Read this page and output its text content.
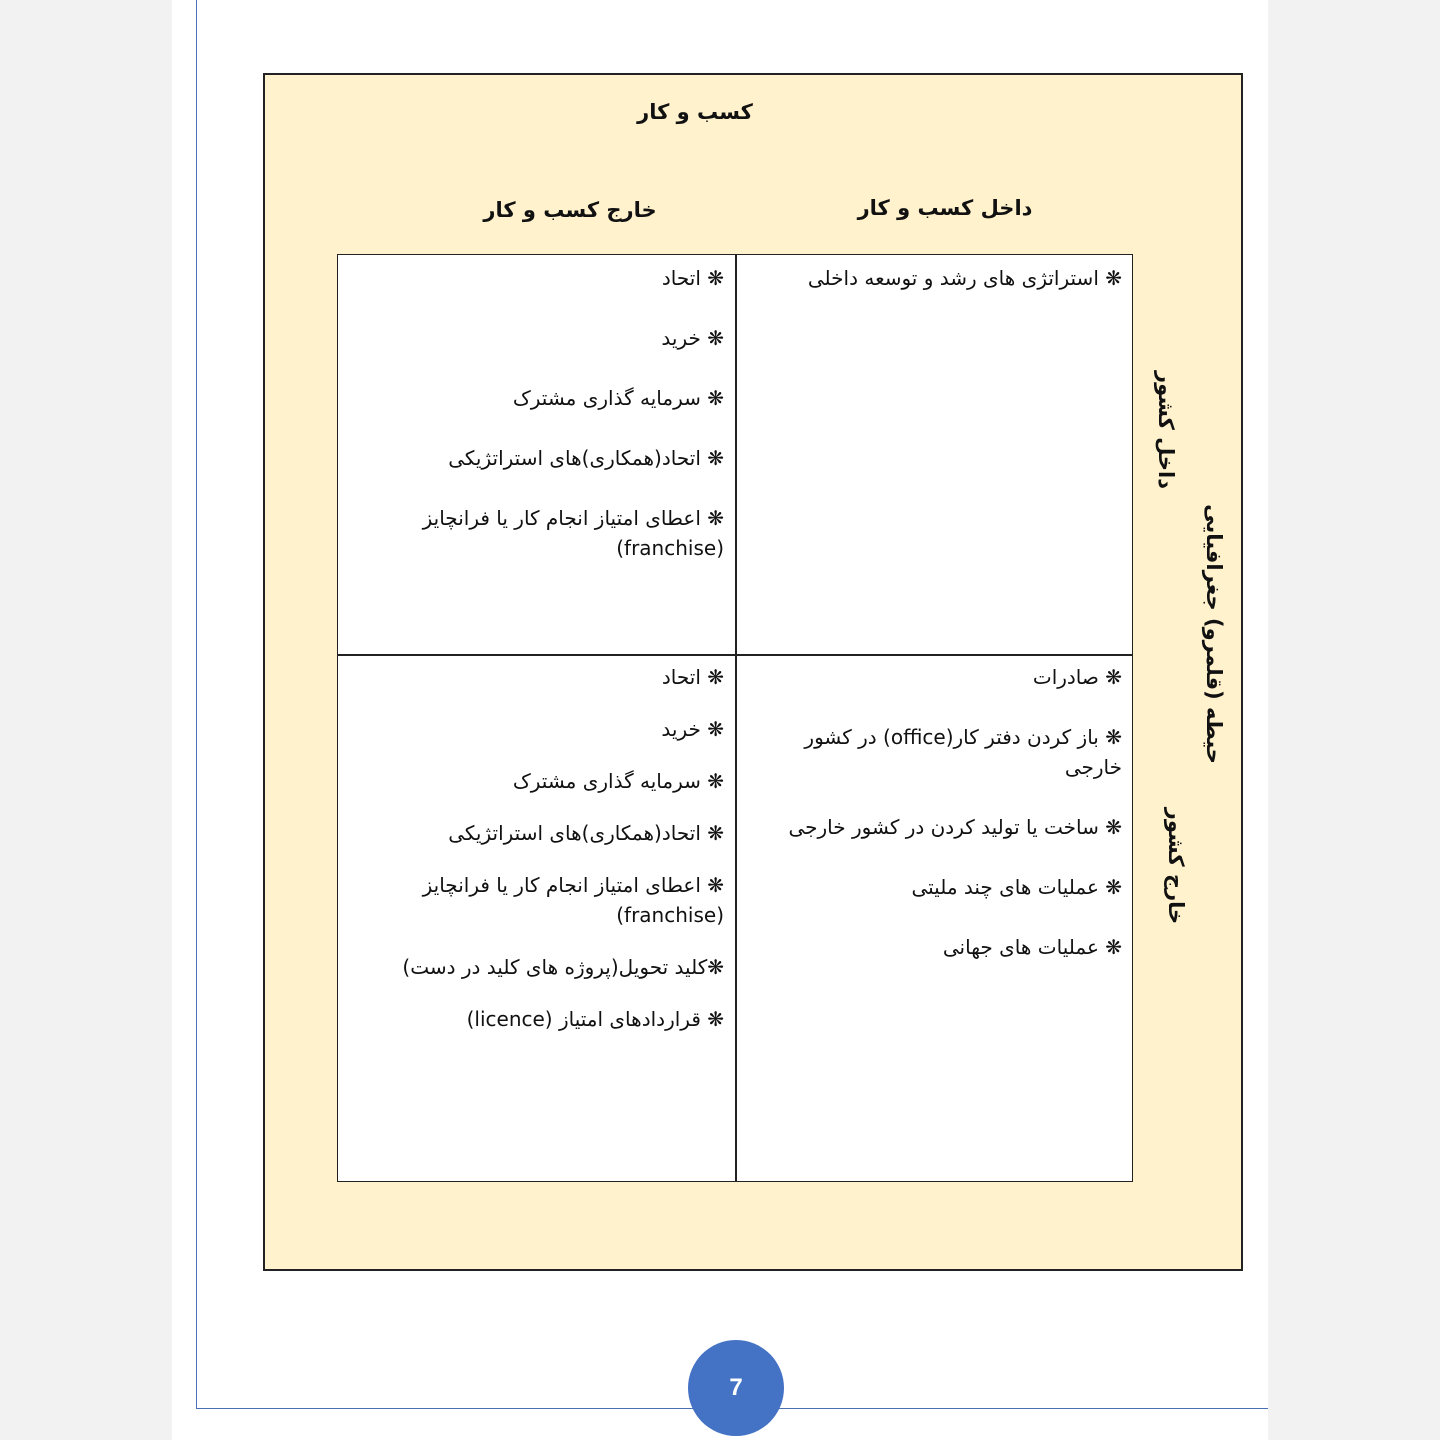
کسب و کار
داخل کسب و کار
خارج کسب و کار
داخل کشور
خارج کشور
حیطه (قلمرو) جغرافیایی
❋ استراتژی های رشد و توسعه داخلی
❋ اتحاد
❋ خرید
❋ سرمایه گذاری مشترک
❋ اتحاد(همکاری)های استراتژیکی
❋ اعطای امتیاز انجام کار یا فرانچایز (franchise)
❋ صادرات
❋ باز کردن دفتر کار(office) در کشور خارجی
❋ ساخت یا تولید کردن در کشور خارجی
❋ عملیات های چند ملیتی
❋ عملیات های جهانی
❋ اتحاد
❋ خرید
❋ سرمایه گذاری مشترک
❋ اتحاد(همکاری)های استراتژیکی
❋ اعطای امتیاز انجام کار یا فرانچایز (franchise)
❋کلید تحویل(پروژه های کلید در دست)
❋ قراردادهای امتیاز (licence)
7
